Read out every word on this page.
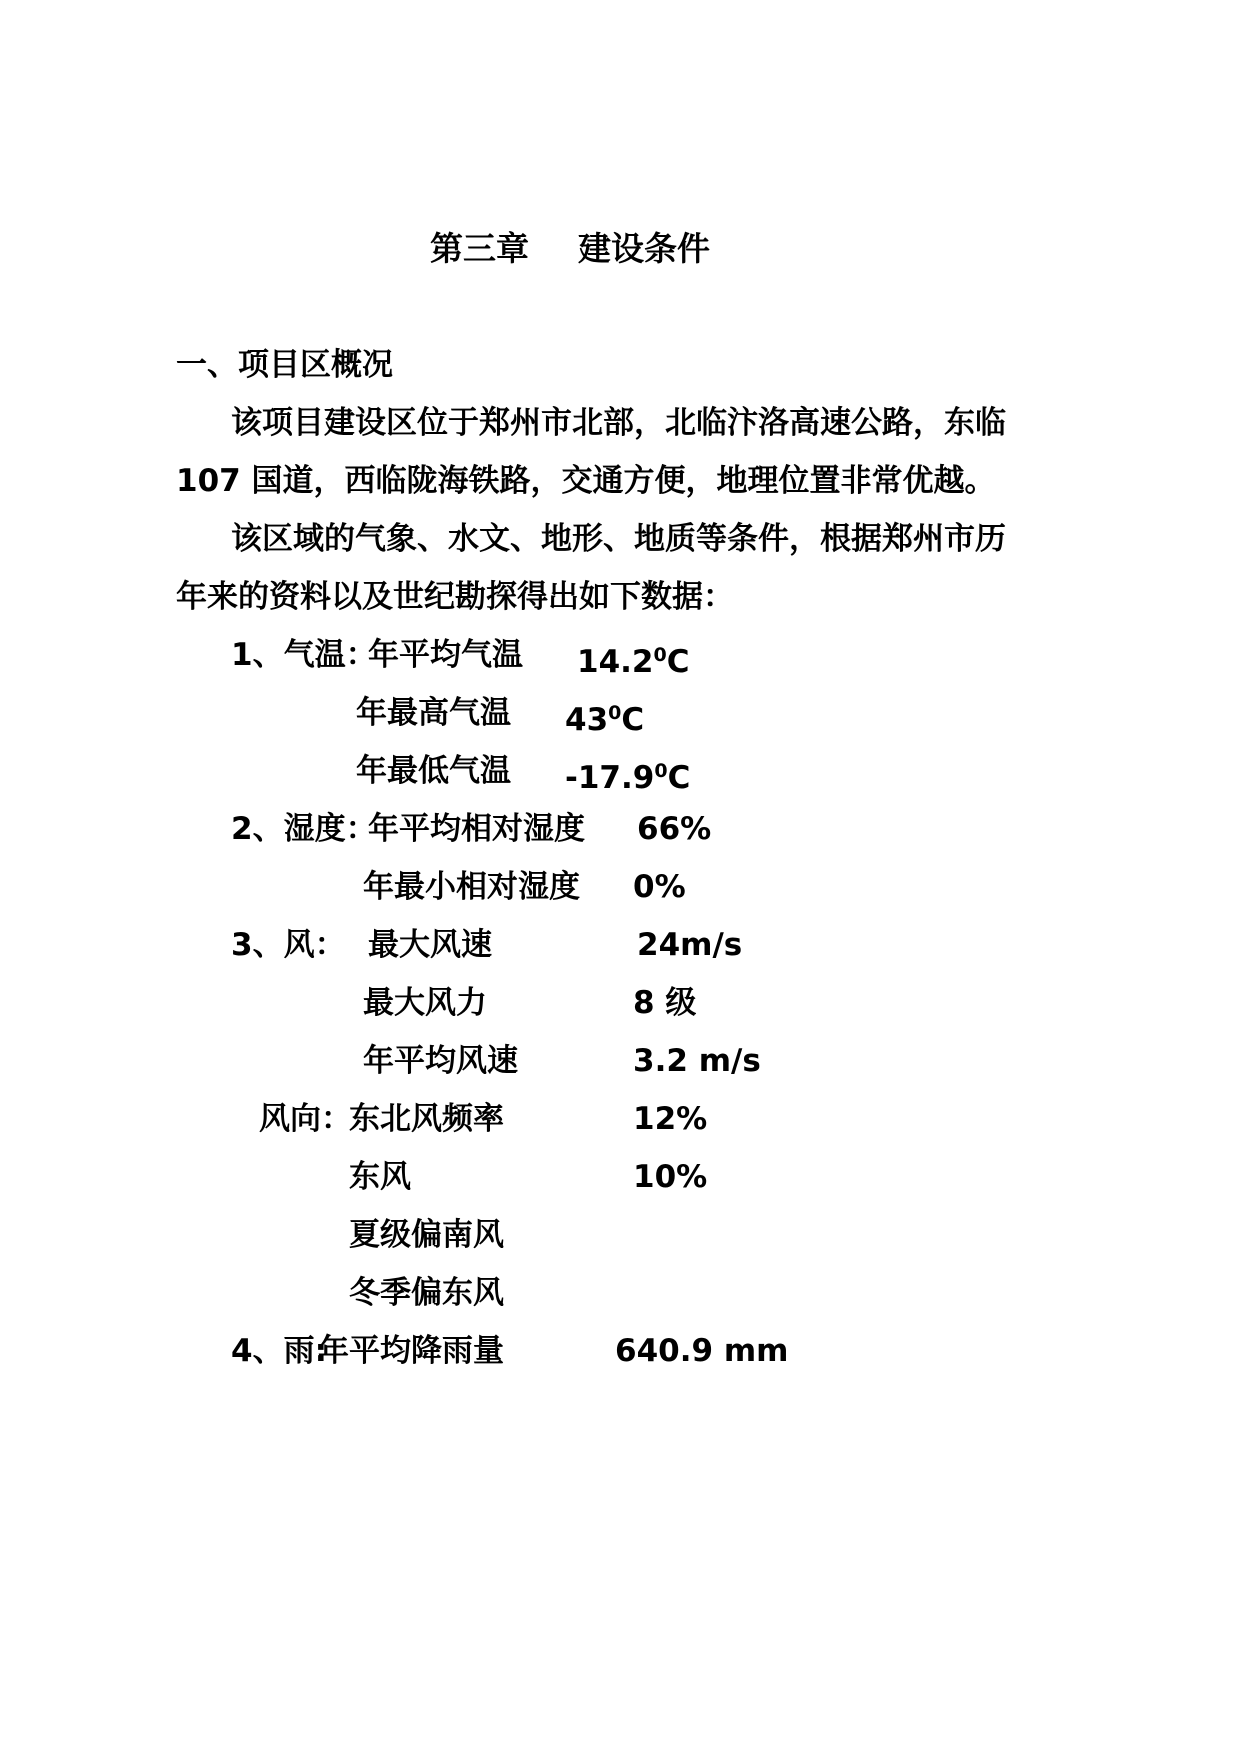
第三章 建设条件
一、项目区概况
该项目建设区位于郑州市北部，北临汴洛高速公路，东临
107 国道，西临陇海铁路，交通方便，地理位置非常优越。
该区域的气象、水文、地形、地质等条件，根据郑州市历
年来的资料以及世纪勘探得出如下数据：
1、气温：
年平均气温 14.2$^0$C
年最高气温 $43^0C$
年最低气温 -17.9$^0$C
2、湿度：
年平均相对湿度 66%
年最小相对湿度 0%
3、风： 最大风速	24m/s
最大风力	8 级
年平均风速	3.2 m/s
风向：
东北风频率	12%
东风	10%
夏级偏南风
冬季偏东风
4、雨:
年平均降雨量	640.9 mm
